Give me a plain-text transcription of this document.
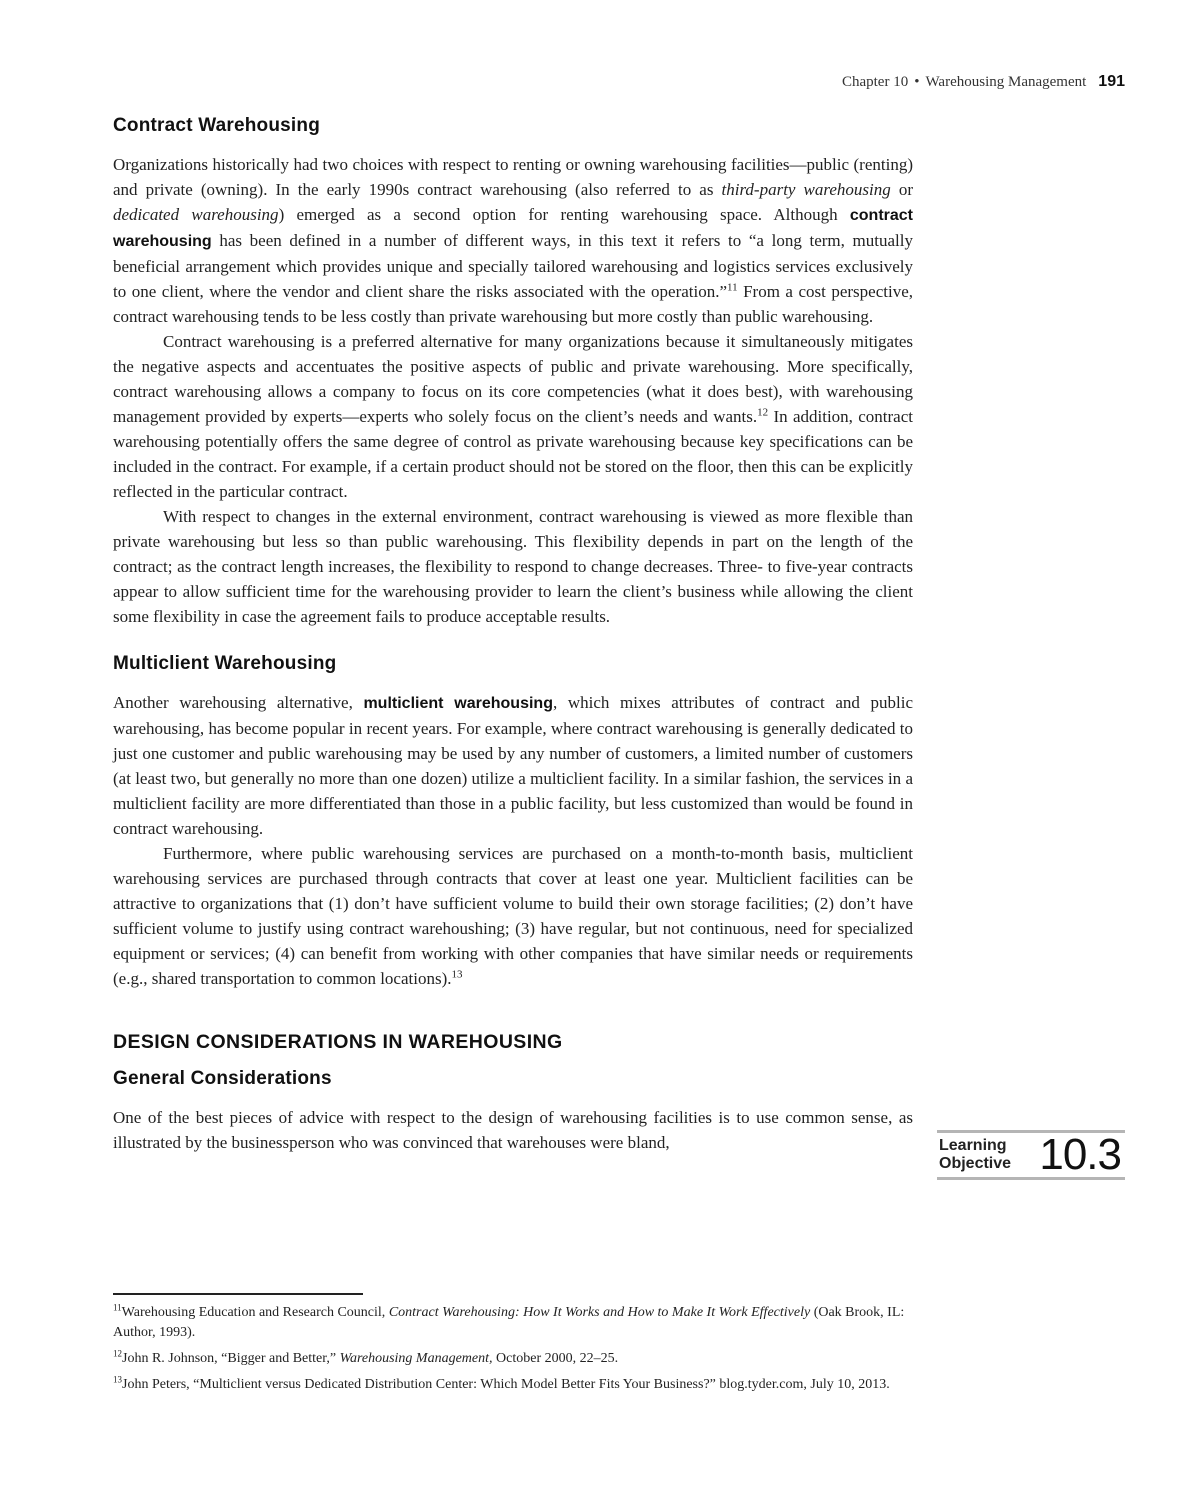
Chapter 10 • Warehousing Management 191
Contract Warehousing

Organizations historically had two choices with respect to renting or owning warehousing facilities—public (renting) and private (owning). In the early 1990s contract warehousing (also referred to as third-party warehousing or dedicated warehousing) emerged as a second option for renting warehousing space. Although contract warehousing has been defined in a number of different ways, in this text it refers to “a long term, mutually beneficial arrangement which provides unique and specially tailored warehousing and logistics services exclusively to one client, where the vendor and client share the risks associated with the operation.”$^{11}$ From a cost perspective, contract warehousing tends to be less costly than private warehousing but more costly than public warehousing.

Contract warehousing is a preferred alternative for many organizations because it simultaneously mitigates the negative aspects and accentuates the positive aspects of public and private warehousing. More specifically, contract warehousing allows a company to focus on its core competencies (what it does best), with warehousing management provided by experts—experts who solely focus on the client’s needs and wants.$^{12}$ In addition, contract warehousing potentially offers the same degree of control as private warehousing because key specifications can be included in the contract. For example, if a certain product should not be stored on the floor, then this can be explicitly reflected in the particular contract.

With respect to changes in the external environment, contract warehousing is viewed as more flexible than private warehousing but less so than public warehousing. This flexibility depends in part on the length of the contract; as the contract length increases, the flexibility to respond to change decreases. Three- to five-year contracts appear to allow sufficient time for the warehousing provider to learn the client’s business while allowing the client some flexibility in case the agreement fails to produce acceptable results.

Multiclient Warehousing

Another warehousing alternative, multiclient warehousing, which mixes attributes of contract and public warehousing, has become popular in recent years. For example, where contract warehousing is generally dedicated to just one customer and public warehousing may be used by any number of customers, a limited number of customers (at least two, but generally no more than one dozen) utilize a multiclient facility. In a similar fashion, the services in a multiclient facility are more differentiated than those in a public facility, but less customized than would be found in contract warehousing.

Furthermore, where public warehousing services are purchased on a month-to-month basis, multiclient warehousing services are purchased through contracts that cover at least one year. Multiclient facilities can be attractive to organizations that (1) don’t have sufficient volume to build their own storage facilities; (2) don’t have sufficient volume to justify using contract warehoushing; (3) have regular, but not continuous, need for specialized equipment or services; (4) can benefit from working with other companies that have similar needs or requirements (e.g., shared transportation to common locations).$^{13}$

DESIGN CONSIDERATIONS IN WAREHOUSING
General Considerations

One of the best pieces of advice with respect to the design of warehousing facilities is to use common sense, as illustrated by the businessperson who was convinced that warehouses were bland,	Learning
Objective 10.3

$^{11}$Warehousing Education and Research Council, Contract Warehousing: How It Works and How to Make It Work Effectively (Oak Brook, IL: Author, 1993).

$^{12}$John R. Johnson, “Bigger and Better,” Warehousing Management, October 2000, 22–25.

$^{13}$John Peters, “Multiclient versus Dedicated Distribution Center: Which Model Better Fits Your Business?” blog.tyder.com, July 10, 2013.
